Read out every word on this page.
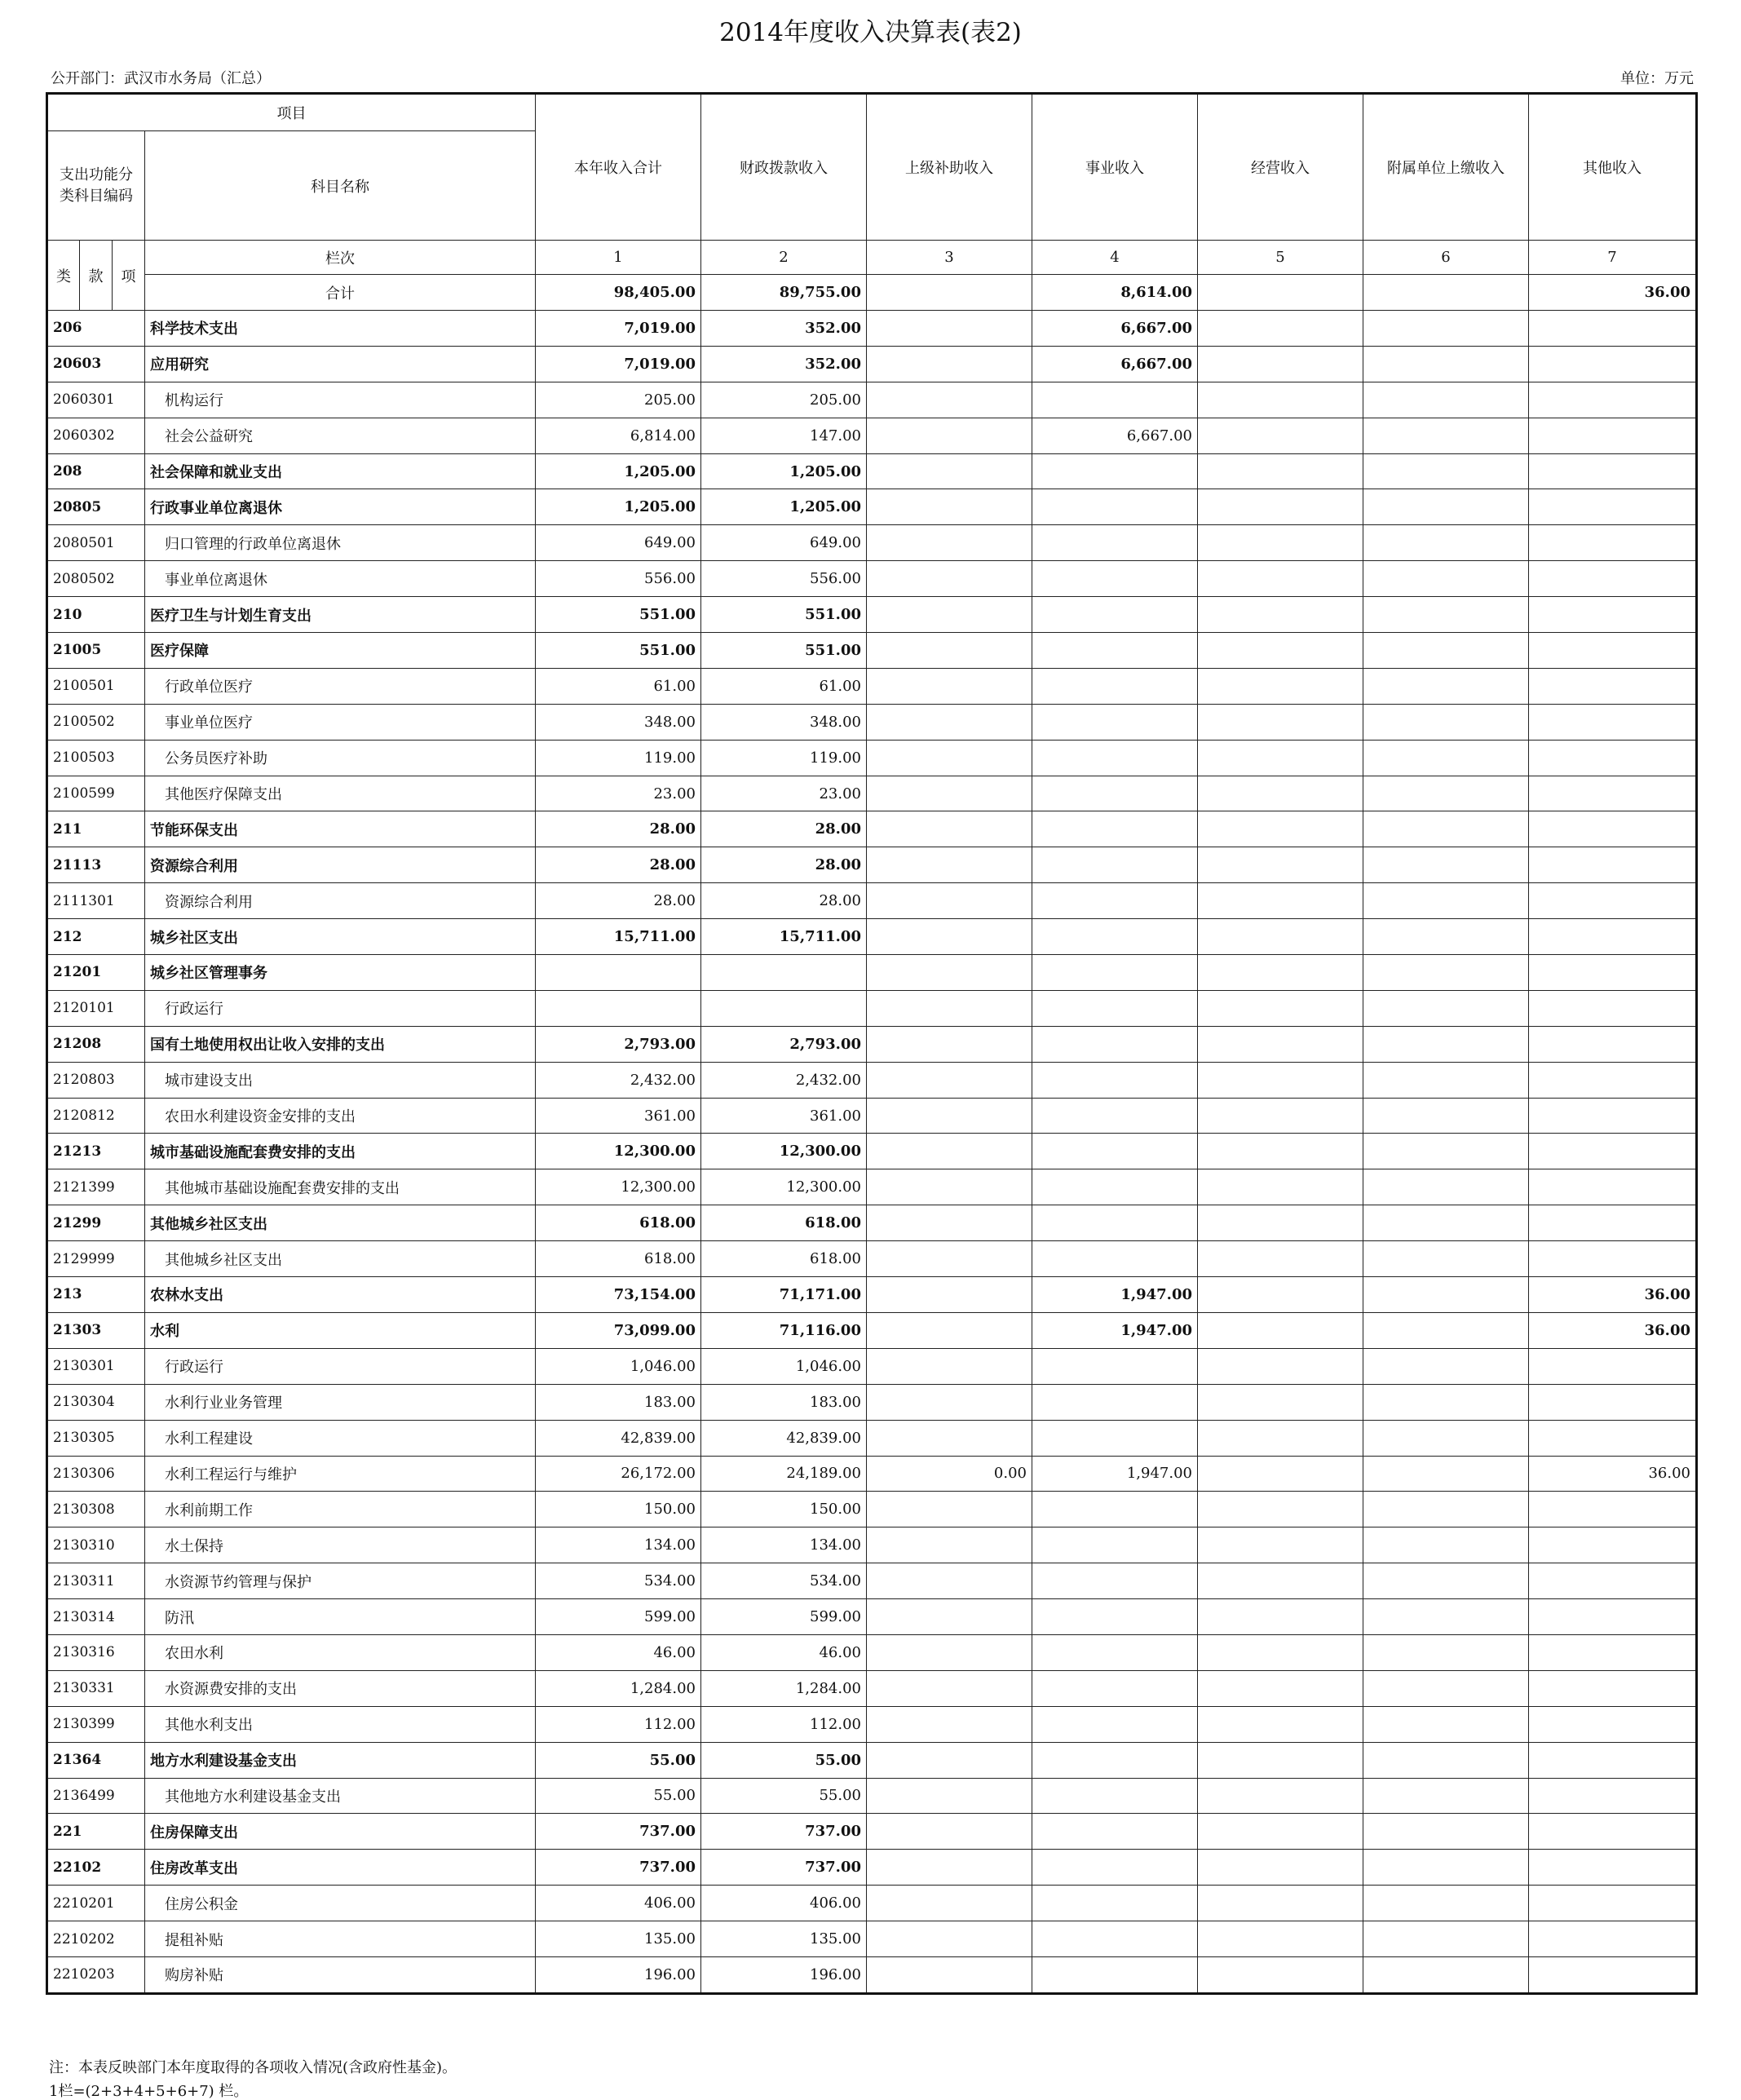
2014年度收入决算表(表2)
公开部门：武汉市水务局（汇总）	单位：万元
项目				本年收入合计	财政拨款收入	上级补助收入	事业收入	经营收入	附属单位上缴收入	其他收入
支出功能分类科目编码			科目名称							

类	款	项	栏次	1	2	3	4	5	6	7
			合计	98,405.00	89,755.00		8,614.00			36.00
206			科学技术支出	7,019.00	352.00		6,667.00			
20603			应用研究	7,019.00	352.00		6,667.00			
2060301			机构运行	205.00	205.00					
2060302			社会公益研究	6,814.00	147.00		6,667.00			
208			社会保障和就业支出	1,205.00	1,205.00					
20805			行政事业单位离退休	1,205.00	1,205.00					
2080501			归口管理的行政单位离退休	649.00	649.00					
2080502			事业单位离退休	556.00	556.00					
210			医疗卫生与计划生育支出	551.00	551.00					
21005			医疗保障	551.00	551.00					
2100501			行政单位医疗	61.00	61.00					
2100502			事业单位医疗	348.00	348.00					
2100503			公务员医疗补助	119.00	119.00					
2100599			其他医疗保障支出	23.00	23.00					
211			节能环保支出	28.00	28.00					
21113			资源综合利用	28.00	28.00					
2111301			资源综合利用	28.00	28.00					
212			城乡社区支出	15,711.00	15,711.00					
21201			城乡社区管理事务							
2120101			行政运行							
21208			国有土地使用权出让收入安排的支出	2,793.00	2,793.00					
2120803			城市建设支出	2,432.00	2,432.00					
2120812			农田水利建设资金安排的支出	361.00	361.00					
21213			城市基础设施配套费安排的支出	12,300.00	12,300.00					
2121399			其他城市基础设施配套费安排的支出	12,300.00	12,300.00					
21299			其他城乡社区支出	618.00	618.00					
2129999			其他城乡社区支出	618.00	618.00					
213			农林水支出	73,154.00	71,171.00		1,947.00			36.00
21303			水利	73,099.00	71,116.00		1,947.00			36.00
2130301			行政运行	1,046.00	1,046.00					
2130304			水利行业业务管理	183.00	183.00					
2130305			水利工程建设	42,839.00	42,839.00					
2130306			水利工程运行与维护	26,172.00	24,189.00	0.00	1,947.00			36.00
2130308			水利前期工作	150.00	150.00					
2130310			水土保持	134.00	134.00					
2130311			水资源节约管理与保护	534.00	534.00					
2130314			防汛	599.00	599.00					
2130316			农田水利	46.00	46.00					
2130331			水资源费安排的支出	1,284.00	1,284.00					
2130399			其他水利支出	112.00	112.00					
21364			地方水利建设基金支出	55.00	55.00					
2136499			其他地方水利建设基金支出	55.00	55.00					
221			住房保障支出	737.00	737.00					
22102			住房改革支出	737.00	737.00					
2210201			住房公积金	406.00	406.00					
2210202			提租补贴	135.00	135.00					
2210203			购房补贴	196.00	196.00					
注：本表反映部门本年度取得的各项收入情况(含政府性基金)。
1栏=(2+3+4+5+6+7) 栏。
